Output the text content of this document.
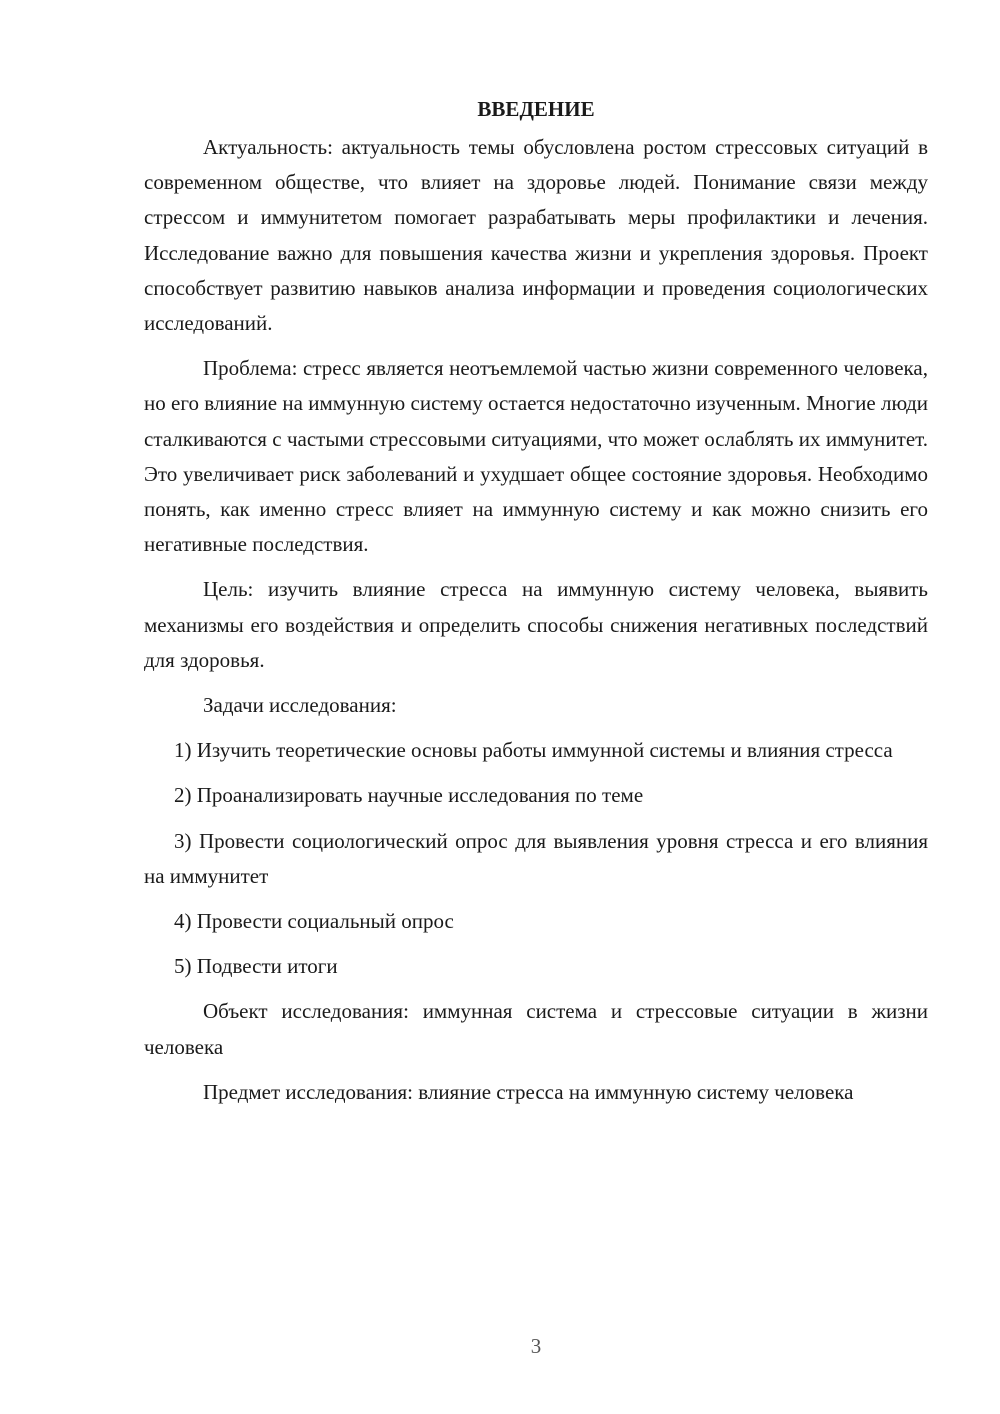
ВВЕДЕНИЕ

Актуальность: актуальность темы обусловлена ростом стрессовых ситуаций в современном обществе, что влияет на здоровье людей. Понимание связи между стрессом и иммунитетом помогает разрабатывать меры профилактики и лечения. Исследование важно для повышения качества жизни и укрепления здоровья. Проект способствует развитию навыков анализа информации и проведения социологических исследований.

Проблема: стресс является неотъемлемой частью жизни современного человека, но его влияние на иммунную систему остается недостаточно изученным. Многие люди сталкиваются с частыми стрессовыми ситуациями, что может ослаблять их иммунитет. Это увеличивает риск заболеваний и ухудшает общее состояние здоровья. Необходимо понять, как именно стресс влияет на иммунную систему и как можно снизить его негативные последствия.

Цель: изучить влияние стресса на иммунную систему человека, выявить механизмы его воздействия и определить способы снижения негативных последствий для здоровья.

Задачи исследования:

1) Изучить теоретические основы работы иммунной системы и влияния стресса

2) Проанализировать научные исследования по теме

3) Провести социологический опрос для выявления уровня стресса и его влияния на иммунитет

4) Провести социальный опрос

5) Подвести итоги

Объект исследования: иммунная система и стрессовые ситуации в жизни человека

Предмет исследования: влияние стресса на иммунную систему человека

3
